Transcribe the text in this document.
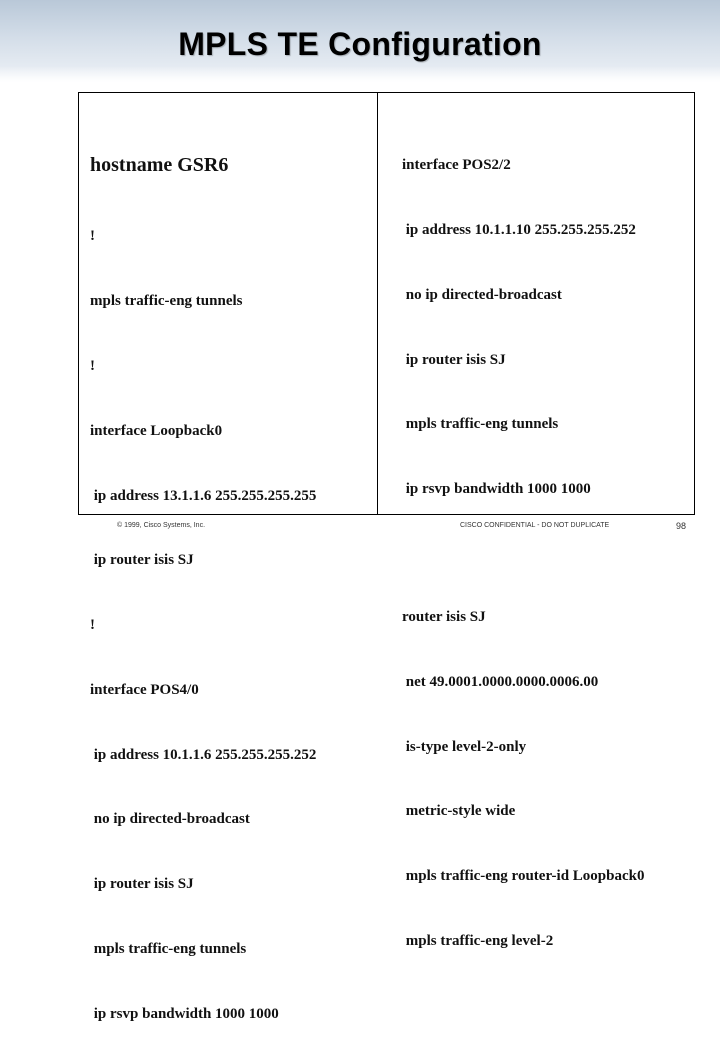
MPLS TE Configuration

hostname GSR6

!

mpls traffic-eng tunnels

!

interface Loopback0

ip address 13.1.1.6 255.255.255.255

ip router isis SJ

!

interface POS4/0

ip address 10.1.1.6 255.255.255.252

no ip directed-broadcast

ip router isis SJ

mpls traffic-eng tunnels

ip rsvp bandwidth 1000 1000

interface POS2/2

ip address 10.1.1.10 255.255.255.252

no ip directed-broadcast

ip router isis SJ

mpls traffic-eng tunnels

ip rsvp bandwidth 1000 1000

router isis SJ

net 49.0001.0000.0000.0006.00

is-type level-2-only

metric-style wide

mpls traffic-eng router-id Loopback0

mpls traffic-eng level-2

© 1999, Cisco Systems, Inc.	CISCO CONFIDENTIAL - DO NOT DUPLICATE	98
